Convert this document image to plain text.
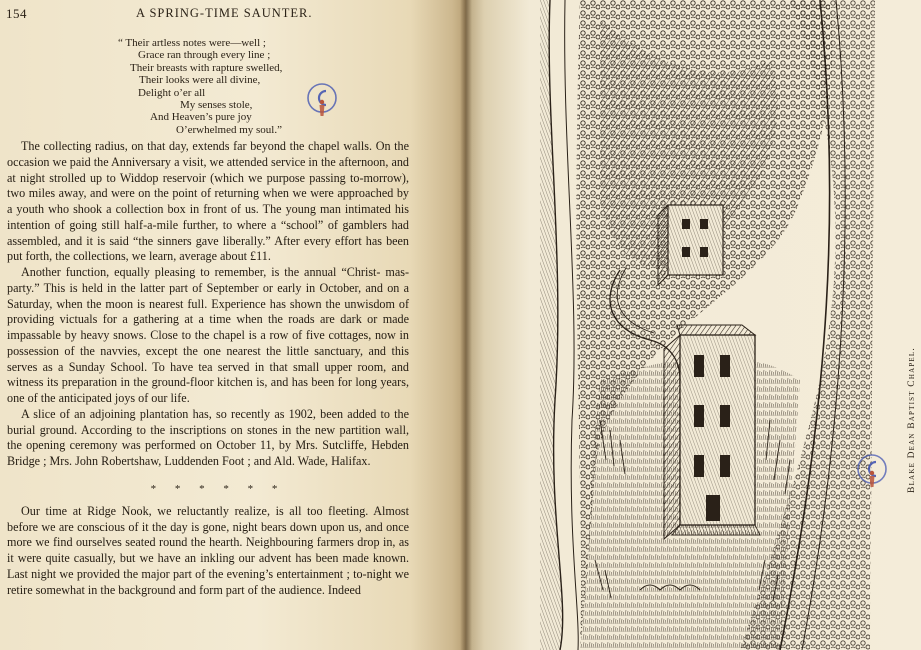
154	A SPRING-TIME SAUNTER.
“ Their artless notes were—well ;
Grace ran through every line ;
Their breasts with rapture swelled,
Their looks were all divine,
Delight o’er all
My senses stole,
And Heaven’s pure joy
O’erwhelmed my soul.”

The collecting radius, on that day, extends far beyond the chapel walls. On the occasion we paid the Anniversary a visit, we attended service in the afternoon, and at night strolled up to Widdop reservoir (which we purpose passing to-morrow), two miles away, and were on the point of returning when we were approached by a youth who shook a collection box in front of us. The young man intimated his intention of going still half-a-mile further, to where a “school” of gamblers had assembled, and it is said “the sinners gave liberally.” After every effort has been put forth, the collections, we learn, average about £11.

Another function, equally pleasing to remember, is the annual “Christ- mas-party.” This is held in the latter part of September or early in October, and on a Saturday, when the moon is nearest full. Experience has shown the unwisdom of providing victuals for a gathering at a time when the roads are dark or made impassable by heavy snows. Close to the chapel is a row of five cottages, now in possession of the navvies, except the one nearest the little sanctuary, and this serves as a Sunday School. To have tea served in that small upper room, and witness its preparation in the ground-floor kitchen is, and has been for long years, one of the anticipated joys of our life.

A slice of an adjoining plantation has, so recently as 1902, been added to the burial ground. According to the inscriptions on stones in the new partition wall, the opening ceremony was performed on October 11, by Mrs. Sutcliffe, Hebden Bridge ; Mrs. John Robertshaw, Luddenden Foot ; and Ald. Wade, Halifax.

* * * * * *

Our time at Ridge Nook, we reluctantly realize, is all too fleeting. Almost before we are conscious of it the day is gone, night bears down upon us, and once more we find ourselves seated round the hearth. Neighbouring farmers drop in, as it were quite casually, but we have an inkling our advent has been made known. Last night we provided the major part of the evening’s entertainment ; to-night we retire somewhat in the background and form part of the audience. Indeed

Blake Dean Baptist Chapel.
